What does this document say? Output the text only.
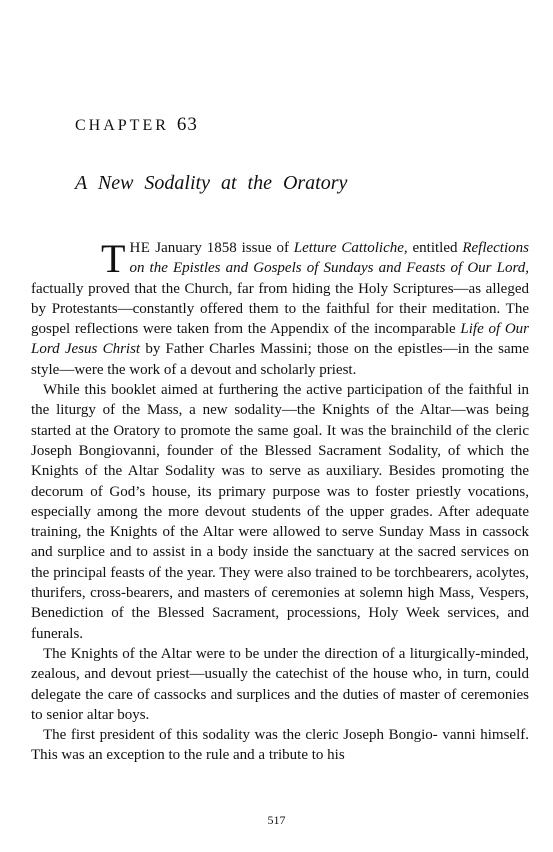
CHAPTER 63
A New Sodality at the Oratory

THE January 1858 issue of Letture Cattoliche, entitled Reflections on the Epistles and Gospels of Sundays and Feasts of Our Lord, factually proved that the Church, far from hiding the Holy Scriptures—as alleged by Protestants—constantly offered them to the faithful for their meditation. The gospel reflections were taken from the Appendix of the incomparable Life of Our Lord Jesus Christ by Father Charles Massini; those on the epistles—in the same style—were the work of a devout and scholarly priest.

While this booklet aimed at furthering the active participation of the faithful in the liturgy of the Mass, a new sodality—the Knights of the Altar—was being started at the Oratory to promote the same goal. It was the brainchild of the cleric Joseph Bongiovanni, founder of the Blessed Sacrament Sodality, of which the Knights of the Altar Sodality was to serve as auxiliary. Besides promoting the decorum of God’s house, its primary purpose was to foster priestly vocations, especially among the more devout students of the upper grades. After adequate training, the Knights of the Altar were allowed to serve Sunday Mass in cassock and surplice and to assist in a body inside the sanctuary at the sacred services on the principal feasts of the year. They were also trained to be torchbearers, acolytes, thurifers, cross-bearers, and masters of ceremonies at solemn high Mass, Vespers, Benediction of the Blessed Sacrament, processions, Holy Week services, and funerals.

The Knights of the Altar were to be under the direction of a liturgically-minded, zealous, and devout priest—usually the catechist of the house who, in turn, could delegate the care of cassocks and surplices and the duties of master of ceremonies to senior altar boys.

The first president of this sodality was the cleric Joseph Bongio- vanni himself. This was an exception to the rule and a tribute to his

517
